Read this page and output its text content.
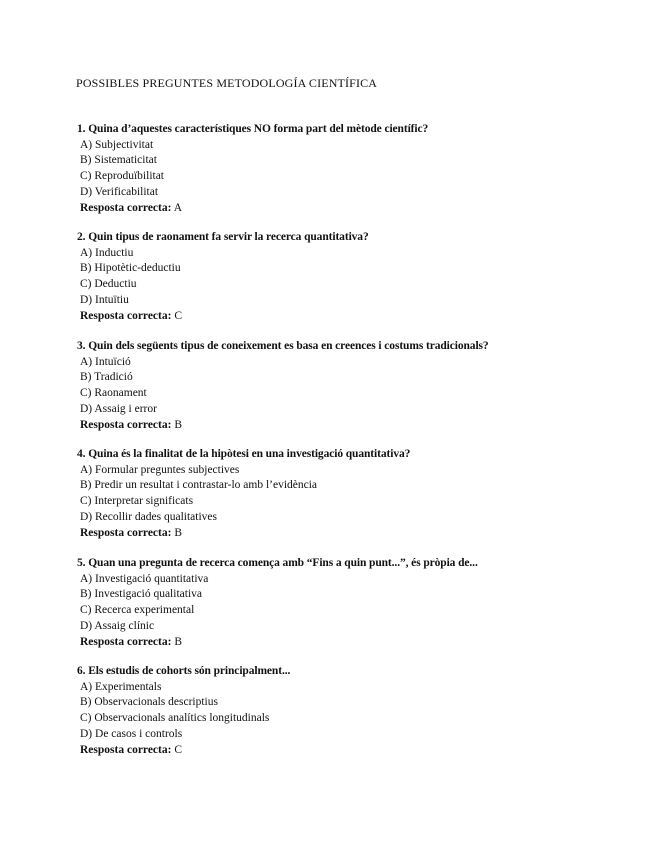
POSSIBLES PREGUNTES METODOLOGÍA CIENTÍFICA
1. Quina d’aquestes característiques NO forma part del mètode científic?
A) Subjectivitat
B) Sistematicitat
C) Reproduïbilitat
D) Verificabilitat
Resposta correcta: A
2. Quin tipus de raonament fa servir la recerca quantitativa?
A) Inductiu
B) Hipotètic-deductiu
C) Deductiu
D) Intuïtiu
Resposta correcta: C
3. Quin dels següents tipus de coneixement es basa en creences i costums tradicionals?
A) Intuïció
B) Tradició
C) Raonament
D) Assaig i error
Resposta correcta: B
4. Quina és la finalitat de la hipòtesi en una investigació quantitativa?
A) Formular preguntes subjectives
B) Predir un resultat i contrastar-lo amb l’evidència
C) Interpretar significats
D) Recollir dades qualitatives
Resposta correcta: B
5. Quan una pregunta de recerca comença amb “Fins a quin punt...”, és pròpia de...
A) Investigació quantitativa
B) Investigació qualitativa
C) Recerca experimental
D) Assaig clínic
Resposta correcta: B
6. Els estudis de cohorts són principalment...
A) Experimentals
B) Observacionals descriptius
C) Observacionals analítics longitudinals
D) De casos i controls
Resposta correcta: C
